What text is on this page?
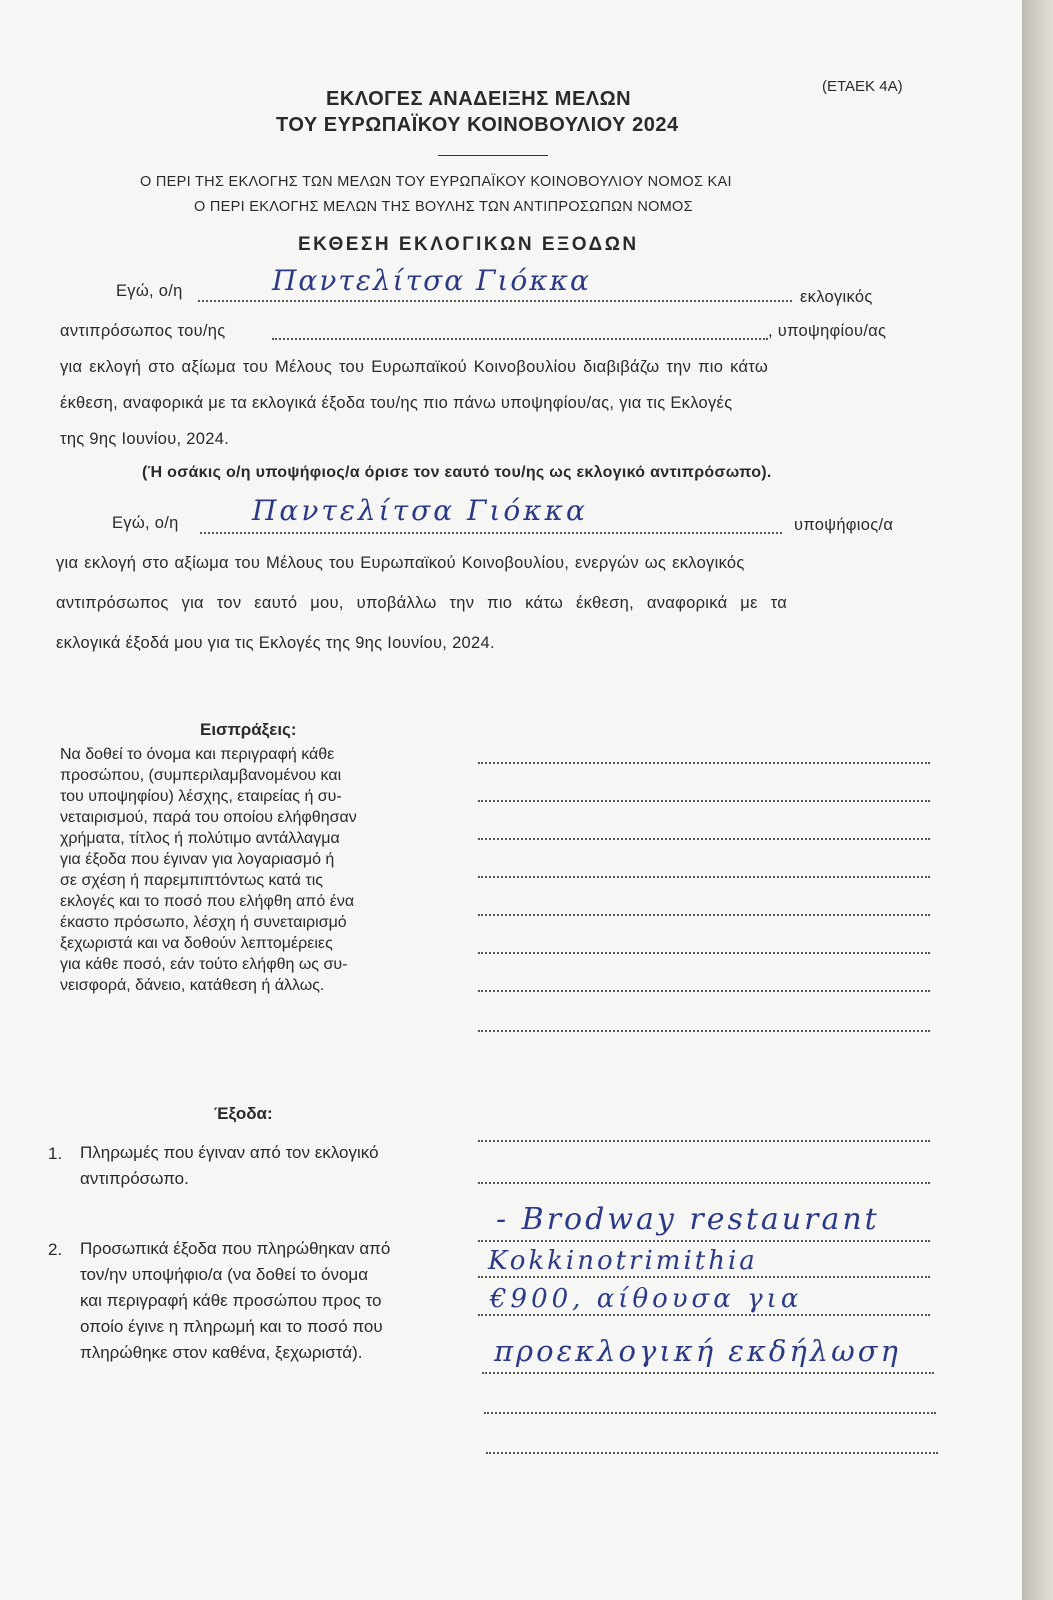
(ΕΤΑΕΚ 4Α)
ΕΚΛΟΓΕΣ ΑΝΑΔΕΙΞΗΣ ΜΕΛΩΝ
ΤΟΥ ΕΥΡΩΠΑΪΚΟΥ ΚΟΙΝΟΒΟΥΛΙΟΥ 2024
Ο ΠΕΡΙ ΤΗΣ ΕΚΛΟΓΗΣ ΤΩΝ ΜΕΛΩΝ ΤΟΥ ΕΥΡΩΠΑΪΚΟΥ ΚΟΙΝΟΒΟΥΛΙΟΥ ΝΟΜΟΣ ΚΑΙ
Ο ΠΕΡΙ ΕΚΛΟΓΗΣ ΜΕΛΩΝ ΤΗΣ ΒΟΥΛΗΣ ΤΩΝ ΑΝΤΙΠΡΟΣΩΠΩΝ ΝΟΜΟΣ
ΕΚΘΕΣΗ ΕΚΛΟΓΙΚΩΝ ΕΞΟΔΩΝ
Εγώ, ο/η	Παντελίτσα Γιόκκα	εκλογικός
αντιπρόσωπος του/ης	, υποψηφίου/ας
για εκλογή στο αξίωμα του Μέλους του Ευρωπαϊκού Κοινοβουλίου διαβιβάζω την πιο κάτω
έκθεση, αναφορικά με τα εκλογικά έξοδα του/ης πιο πάνω υποψηφίου/ας, για τις Εκλογές
της 9ης Ιουνίου, 2024.
(Ή οσάκις ο/η υποψήφιος/α όρισε τον εαυτό του/ης ως εκλογικό αντιπρόσωπο).
Εγώ, ο/η	Παντελίτσα Γιόκκα	υποψήφιος/α
για εκλογή στο αξίωμα του Μέλους του Ευρωπαϊκού Κοινοβουλίου, ενεργών ως εκλογικός
αντιπρόσωπος για τον εαυτό μου, υποβάλλω την πιο κάτω έκθεση, αναφορικά με τα
εκλογικά έξοδά μου για τις Εκλογές της 9ης Ιουνίου, 2024.
Εισπράξεις:
Να δοθεί το όνομα και περιγραφή κάθε
προσώπου, (συμπεριλαμβανομένου και
του υποψηφίου) λέσχης, εταιρείας ή συ-
νεταιρισμού, παρά του οποίου ελήφθησαν
χρήματα, τίτλος ή πολύτιμο αντάλλαγμα
για έξοδα που έγιναν για λογαριασμό ή
σε σχέση ή παρεμπιπτόντως κατά τις
εκλογές και το ποσό που ελήφθη από ένα
έκαστο πρόσωπο, λέσχη ή συνεταιρισμό
ξεχωριστά και να δοθούν λεπτομέρειες
για κάθε ποσό, εάν τούτο ελήφθη ως συ-
νεισφορά, δάνειο, κατάθεση ή άλλως.
Έξοδα:
1. Πληρωμές που έγιναν από τον εκλογικό
αντιπρόσωπο.
2. Προσωπικά έξοδα που πληρώθηκαν από
τον/ην υποψήφιο/α (να δοθεί το όνομα
και περιγραφή κάθε προσώπου προς το
οποίο έγινε η πληρωμή και το ποσό που
πληρώθηκε στον καθένα, ξεχωριστά).
- Brodway restaurant
Kokkinotrimithia
€900, αίθουσα για
προεκλογική εκδήλωση
